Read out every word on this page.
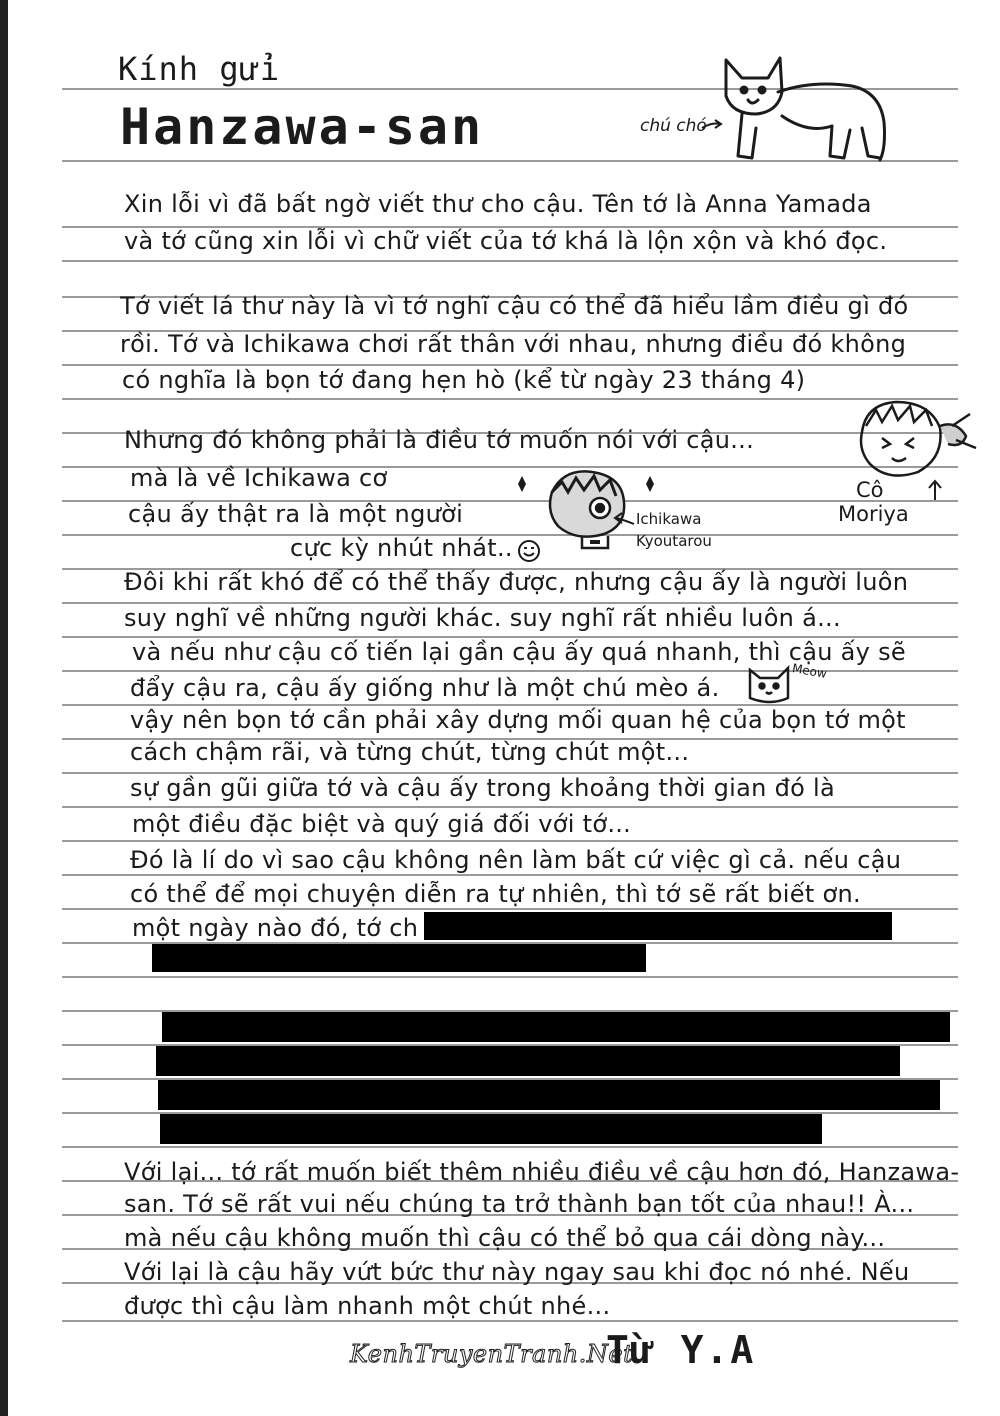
Kính gửi
Hanzawa-san	chú chó
Xin lỗi vì đã bất ngờ viết thư cho cậu. Tên tớ là Anna Yamada
và tớ cũng xin lỗi vì chữ viết của tớ khá là lộn xộn và khó đọc.
Tớ viết lá thư này là vì tớ nghĩ cậu có thể đã hiểu lầm điều gì đó
rồi. Tớ và Ichikawa chơi rất thân với nhau, nhưng điều đó không
có nghĩa là bọn tớ đang hẹn hò (kể từ ngày 23 tháng 4)
Nhưng đó không phải là điều tớ muốn nói với cậu...
mà là về Ichikawa cơ
cậu ấy thật ra là một người
cực kỳ nhút nhát..
Ichikawa
Kyoutarou
Cô
Moriya
Đôi khi rất khó để có thể thấy được, nhưng cậu ấy là người luôn
suy nghĩ về những người khác. suy nghĩ rất nhiều luôn á...
và nếu như cậu cố tiến lại gần cậu ấy quá nhanh, thì cậu ấy sẽ
đẩy cậu ra, cậu ấy giống như là một chú mèo á.
vậy nên bọn tớ cần phải xây dựng mối quan hệ của bọn tớ một
cách chậm rãi, và từng chút, từng chút một...
sự gần gũi giữa tớ và cậu ấy trong khoảng thời gian đó là
một điều đặc biệt và quý giá đối với tớ...
Đó là lí do vì sao cậu không nên làm bất cứ việc gì cả. nếu cậu
có thể để mọi chuyện diễn ra tự nhiên, thì tớ sẽ rất biết ơn.
một ngày nào đó, tớ ch
Meow
Với lại... tớ rất muốn biết thêm nhiều điều về cậu hơn đó, Hanzawa-
san. Tớ sẽ rất vui nếu chúng ta trở thành bạn tốt của nhau!! À...
mà nếu cậu không muốn thì cậu có thể bỏ qua cái dòng này...
Với lại là cậu hãy vứt bức thư này ngay sau khi đọc nó nhé. Nếu
được thì cậu làm nhanh một chút nhé...
KenhTruyenTranh.Net
Từ Y.A
